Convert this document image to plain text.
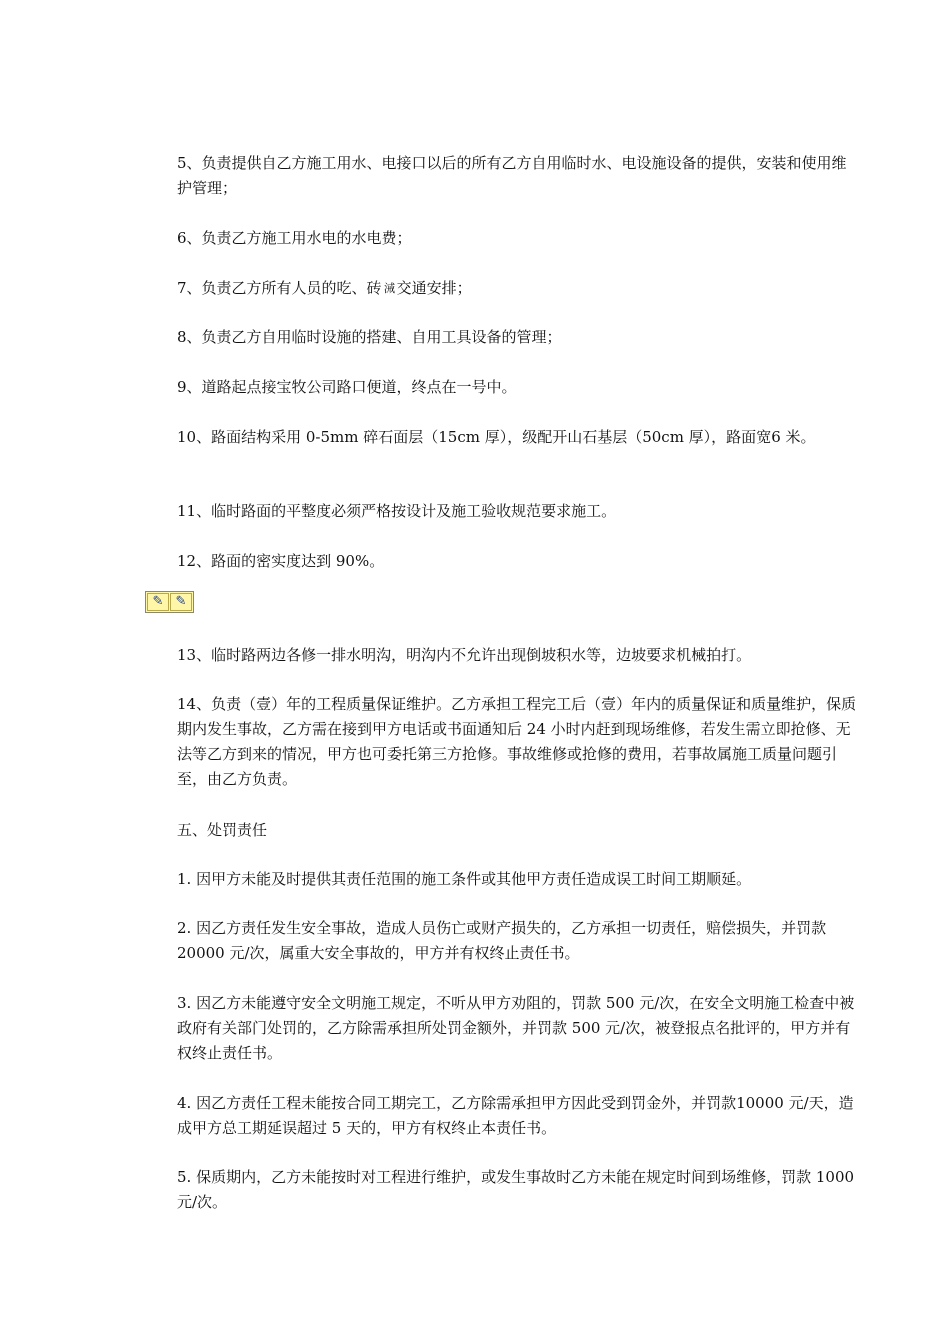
5、负责提供自乙方施工用水、电接口以后的所有乙方自用临时水、电设施设备的提供，安装和使用维护管理；

6、负责乙方施工用水电的水电费；

7、负责乙方所有人员的吃、砖 㳦 交通安排；

8、负责乙方自用临时设施的搭建、自用工具设备的管理；

9、道路起点接宝牧公司路口便道，终点在一号中。

10、路面结构采用 0-5mm 碎石面层（15cm 厚），级配开山石基层（50cm 厚），路面宽6 米。

11、临时路面的平整度必须严格按设计及施工验收规范要求施工。

12、路面的密实度达到 90%。

✎ ✎

13、临时路两边各修一排水明沟，明沟内不允许出现倒坡积水等，边坡要求机械拍打。

14、负责（壹）年的工程质量保证维护。乙方承担工程完工后（壹）年内的质量保证和质量维护，保质期内发生事故，乙方需在接到甲方电话或书面通知后 24 小时内赶到现场维修，若发生需立即抢修、无法等乙方到来的情况，甲方也可委托第三方抢修。事故维修或抢修的费用，若事故属施工质量问题引至，由乙方负责。

五、处罚责任

1. 因甲方未能及时提供其责任范围的施工条件或其他甲方责任造成误工时间工期顺延。

2. 因乙方责任发生安全事故，造成人员伤亡或财产损失的，乙方承担一切责任，赔偿损失，并罚款 20000 元/次，属重大安全事故的，甲方并有权终止责任书。

3. 因乙方未能遵守安全文明施工规定，不听从甲方劝阻的，罚款 500 元/次，在安全文明施工检查中被政府有关部门处罚的，乙方除需承担所处罚金额外，并罚款 500 元/次，被登报点名批评的，甲方并有权终止责任书。

4. 因乙方责任工程未能按合同工期完工，乙方除需承担甲方因此受到罚金外，并罚款10000 元/天，造成甲方总工期延误超过 5 天的，甲方有权终止本责任书。

5. 保质期内，乙方未能按时对工程进行维护，或发生事故时乙方未能在规定时间到场维修，罚款 1000 元/次。
